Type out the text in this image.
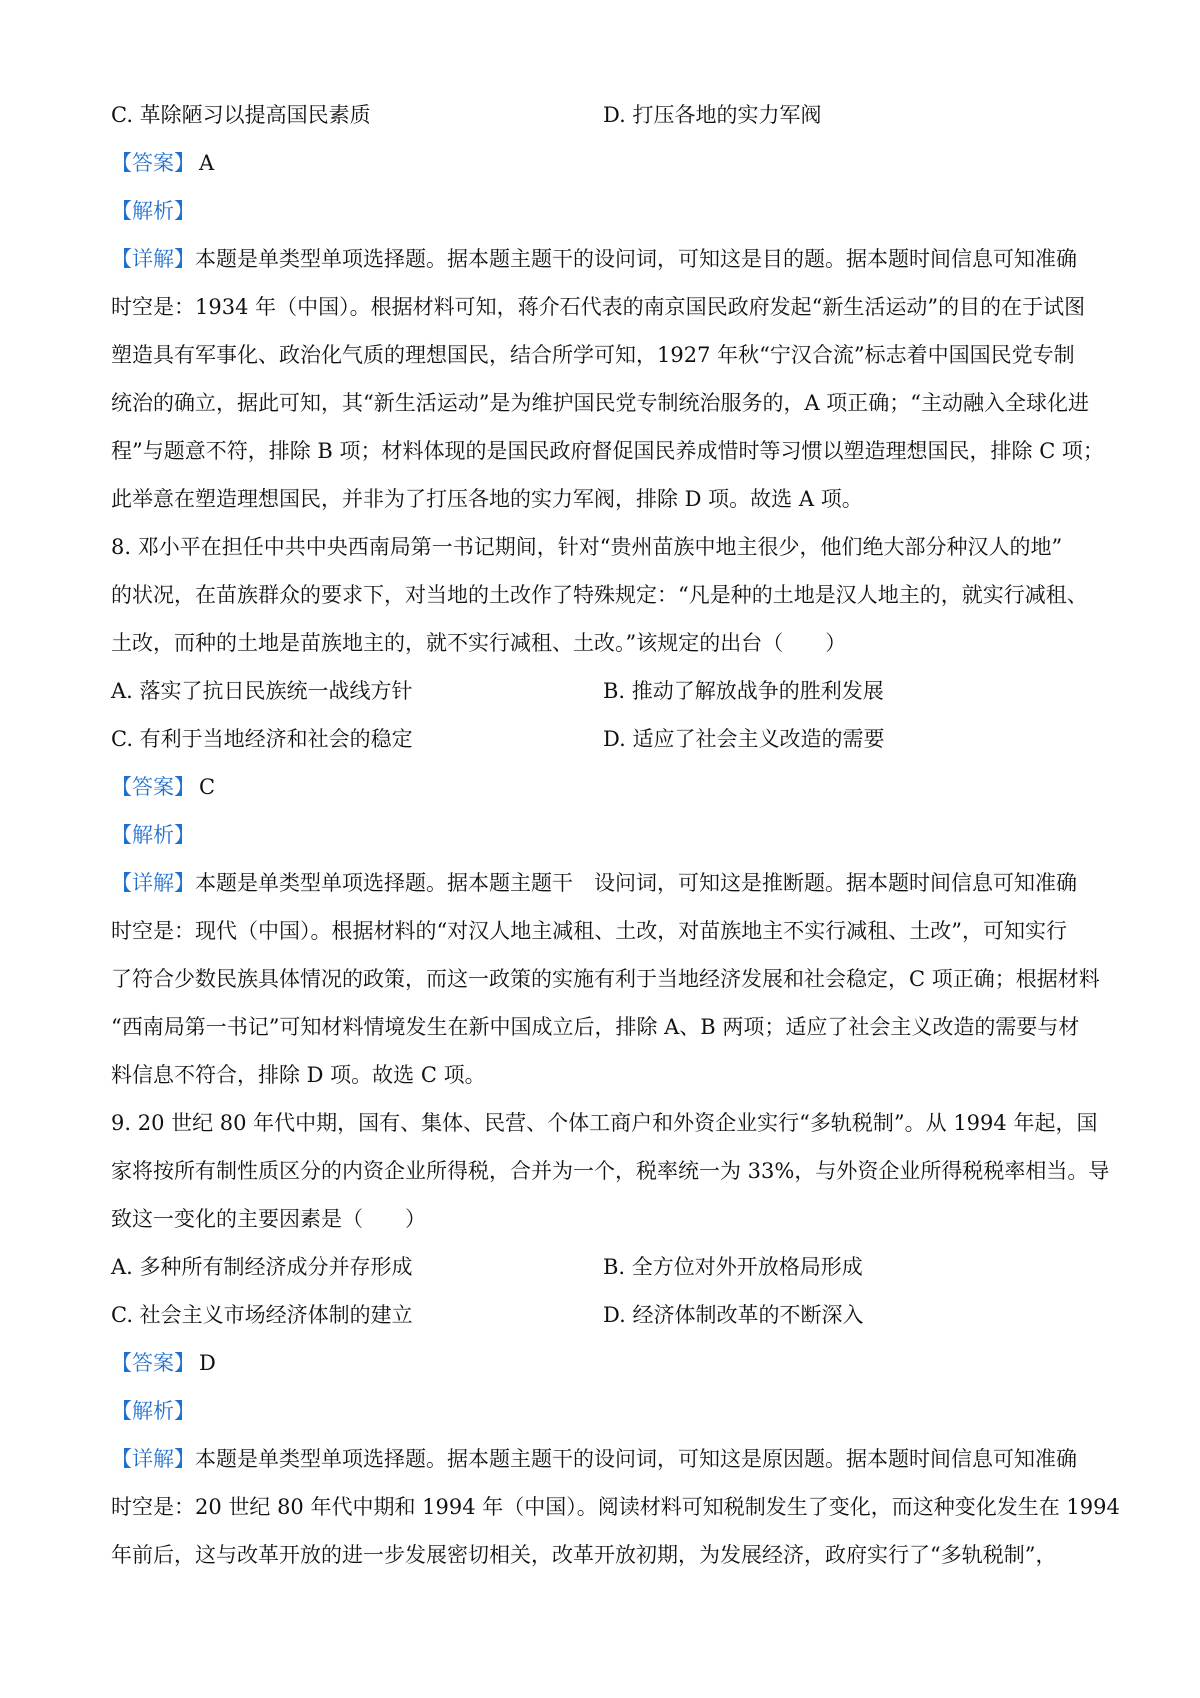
C. 革除陋习以提高国民素质	D. 打压各地的实力军阀
【答案】 A
【解析】
【详解】本题是单类型单项选择题。据本题主题干的设问词，可知这是目的题。据本题时间信息可知准确
时空是：1934 年（中国）。根据材料可知，蒋介石代表的南京国民政府发起“新生活运动”的目的在于试图
塑造具有军事化、政治化气质的理想国民，结合所学可知，1927 年秋“宁汉合流”标志着中国国民党专制
统治的确立，据此可知，其“新生活运动”是为维护国民党专制统治服务的，A 项正确；“主动融入全球化进
程”与题意不符，排除 B 项；材料体现的是国民政府督促国民养成惜时等习惯以塑造理想国民，排除 C 项；
此举意在塑造理想国民，并非为了打压各地的实力军阀，排除 D 项。故选 A 项。
8. 邓小平在担任中共中央西南局第一书记期间，针对“贵州苗族中地主很少，他们绝大部分种汉人的地”
的状况，在苗族群众的要求下，对当地的土改作了特殊规定：“凡是种的土地是汉人地主的，就实行减租、
土改，而种的土地是苗族地主的，就不实行减租、土改。”该规定的出台（　　）
A. 落实了抗日民族统一战线方针	B. 推动了解放战争的胜利发展
C. 有利于当地经济和社会的稳定	D. 适应了社会主义改造的需要
【答案】 C
【解析】
【详解】本题是单类型单项选择题。据本题主题干　设问词，可知这是推断题。据本题时间信息可知准确
时空是：现代（中国）。根据材料的“对汉人地主减租、土改，对苗族地主不实行减租、土改”，可知实行
了符合少数民族具体情况的政策，而这一政策的实施有利于当地经济发展和社会稳定，C 项正确；根据材料
“西南局第一书记”可知材料情境发生在新中国成立后，排除 A、B 两项；适应了社会主义改造的需要与材
料信息不符合，排除 D 项。故选 C 项。
9. 20 世纪 80 年代中期，国有、集体、民营、个体工商户和外资企业实行“多轨税制”。从 1994 年起，国
家将按所有制性质区分的内资企业所得税，合并为一个，税率统一为 33%，与外资企业所得税税率相当。导
致这一变化的主要因素是（　　）
A. 多种所有制经济成分并存形成	B. 全方位对外开放格局形成
C. 社会主义市场经济体制的建立	D. 经济体制改革的不断深入
【答案】 D
【解析】
【详解】本题是单类型单项选择题。据本题主题干的设问词，可知这是原因题。据本题时间信息可知准确
时空是：20 世纪 80 年代中期和 1994 年（中国）。阅读材料可知税制发生了变化，而这种变化发生在 1994
年前后，这与改革开放的进一步发展密切相关，改革开放初期，为发展经济，政府实行了“多轨税制”，
